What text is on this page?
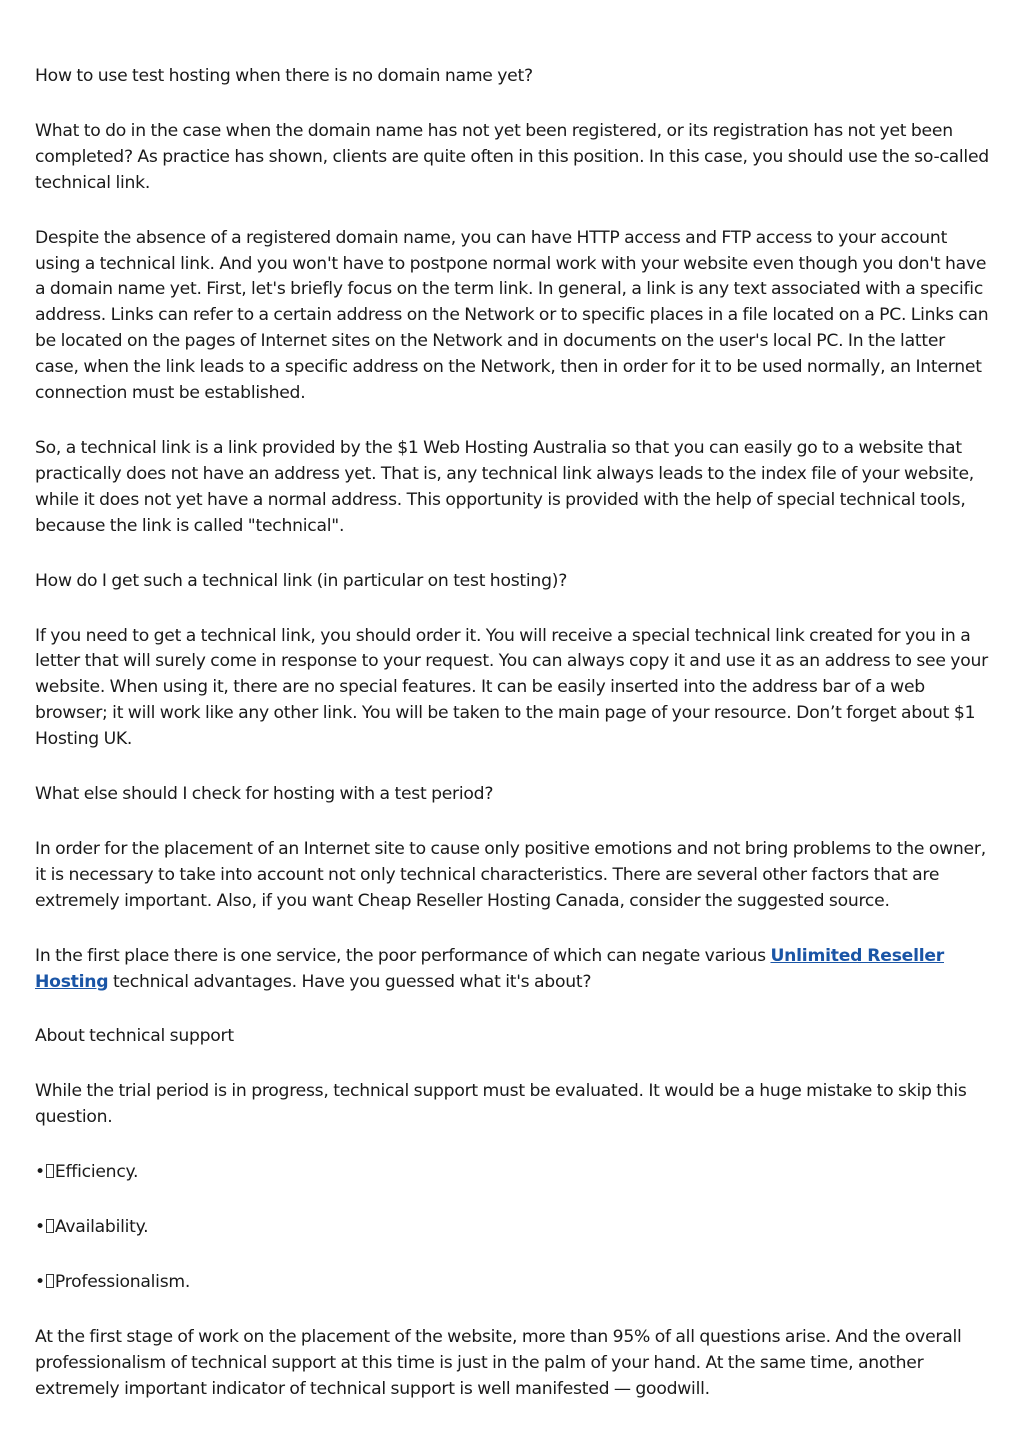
How to use test hosting when there is no domain name yet?

What to do in the case when the domain name has not yet been registered, or its registration has not yet been completed? As practice has shown, clients are quite often in this position. In this case, you should use the so-called technical link.

Despite the absence of a registered domain name, you can have HTTP access and FTP access to your account using a technical link. And you won't have to postpone normal work with your website even though you don't have a domain name yet. First, let's briefly focus on the term link. In general, a link is any text associated with a specific address. Links can refer to a certain address on the Network or to specific places in a file located on a PC. Links can be located on the pages of Internet sites on the Network and in documents on the user's local PC. In the latter case, when the link leads to a specific address on the Network, then in order for it to be used normally, an Internet connection must be established.

So, a technical link is a link provided by the $1 Web Hosting Australia so that you can easily go to a website that practically does not have an address yet. That is, any technical link always leads to the index file of your website, while it does not yet have a normal address. This opportunity is provided with the help of special technical tools, because the link is called "technical".

How do I get such a technical link (in particular on test hosting)?

If you need to get a technical link, you should order it. You will receive a special technical link created for you in a letter that will surely come in response to your request. You can always copy it and use it as an address to see your website. When using it, there are no special features. It can be easily inserted into the address bar of a web browser; it will work like any other link. You will be taken to the main page of your resource. Don’t forget about $1 Hosting UK.

What else should I check for hosting with a test period?

In order for the placement of an Internet site to cause only positive emotions and not bring problems to the owner, it is necessary to take into account not only technical characteristics. There are several other factors that are extremely important. Also, if you want Cheap Reseller Hosting Canada, consider the suggested source.

In the first place there is one service, the poor performance of which can negate various Unlimited Reseller Hosting technical advantages. Have you guessed what it's about?

About technical support

While the trial period is in progress, technical support must be evaluated. It would be a huge mistake to skip this question.

• Efficiency.

• Availability.

• Professionalism.

At the first stage of work on the placement of the website, more than 95% of all questions arise. And the overall professionalism of technical support at this time is just in the palm of your hand. At the same time, another extremely important indicator of technical support is well manifested — goodwill.
